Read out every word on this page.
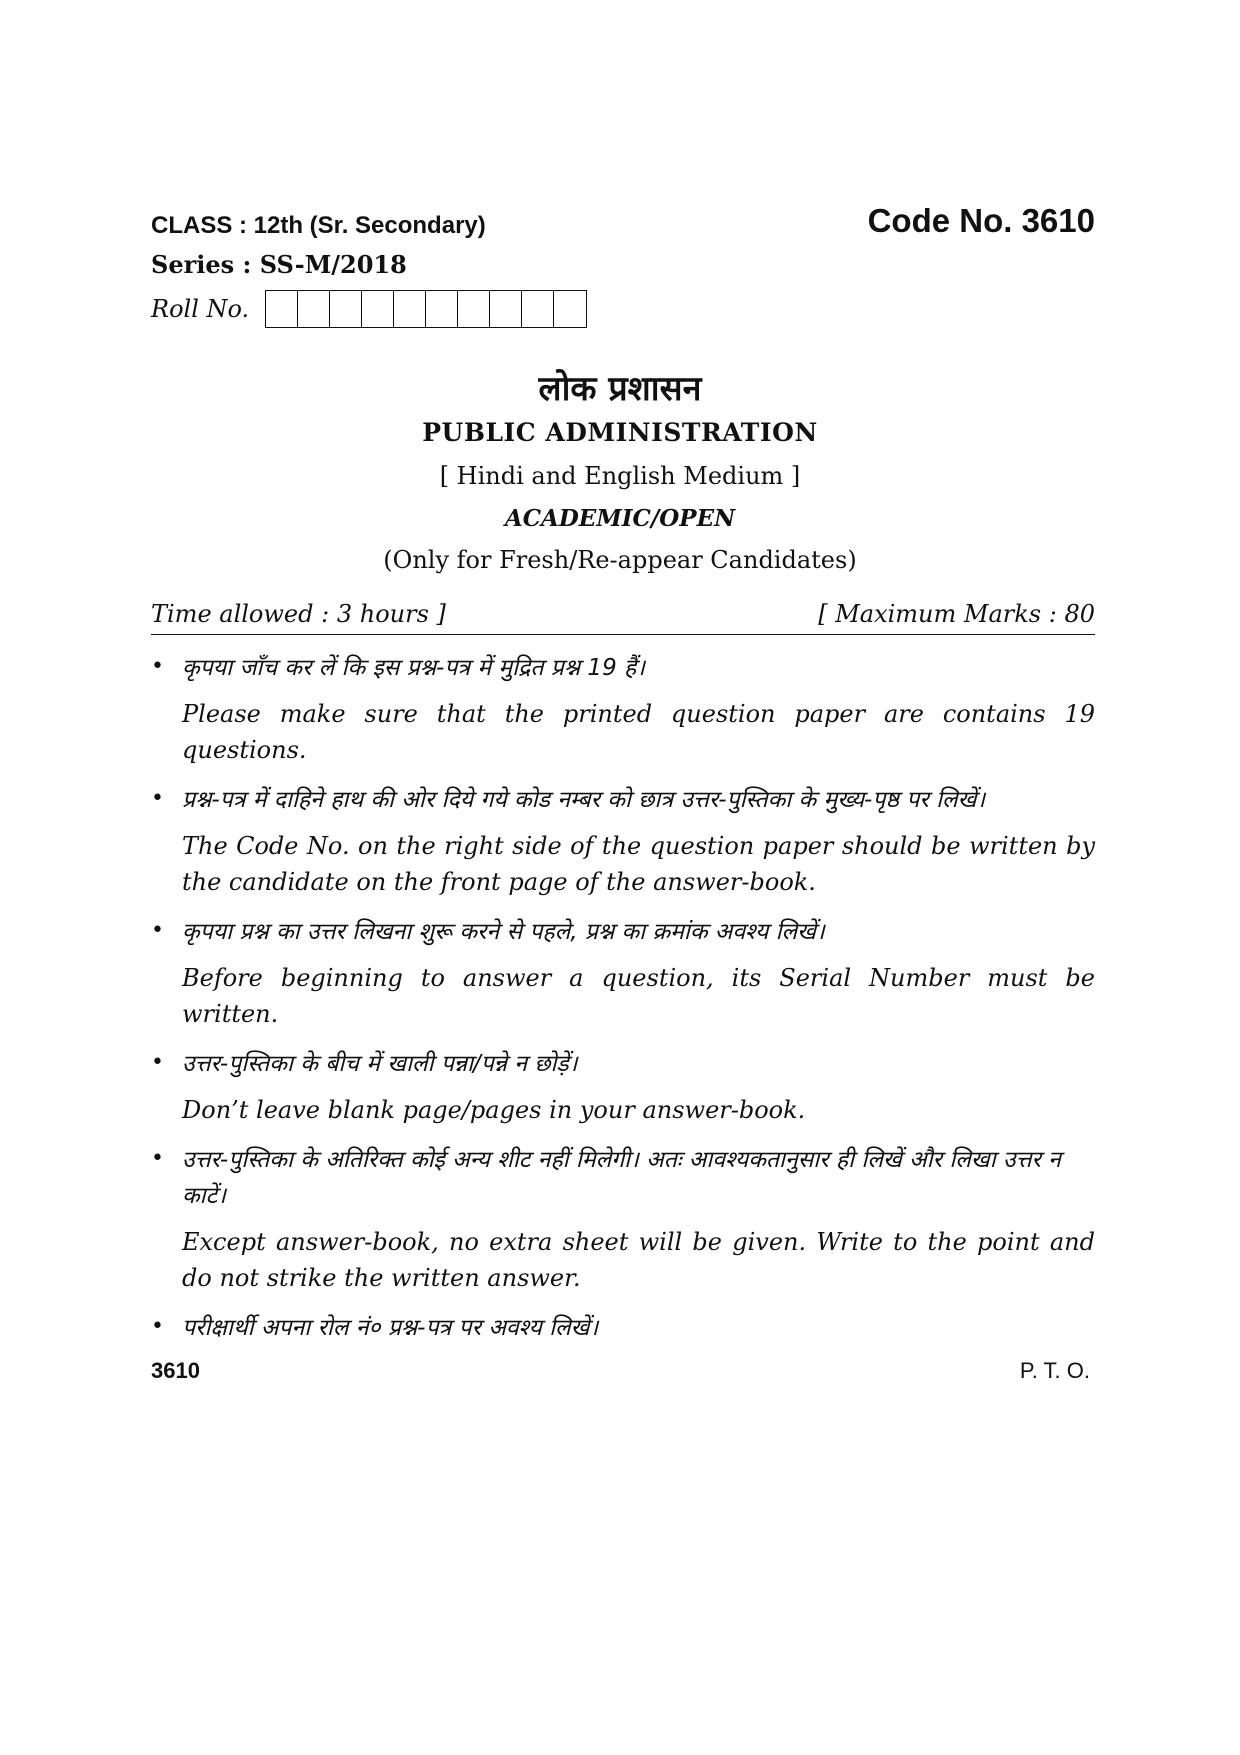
CLASS : 12th (Sr. Secondary)	Code No. 3610
Series : SS-M/2018
Roll No.
लोक प्रशासन
PUBLIC ADMINISTRATION
[ Hindi and English Medium ]
ACADEMIC/OPEN
(Only for Fresh/Re-appear Candidates)
Time allowed : 3 hours ]	[ Maximum Marks : 80
• कृपया जाँच कर लें कि इस प्रश्न-पत्र में मुद्रित प्रश्न 19 हैं।

Please make sure that the printed question paper are contains 19 questions.

• प्रश्न-पत्र में दाहिने हाथ की ओर दिये गये कोड नम्बर को छात्र उत्तर-पुस्तिका के मुख्य-पृष्ठ पर लिखें।

The Code No. on the right side of the question paper should be written by the candidate on the front page of the answer-book.

• कृपया प्रश्न का उत्तर लिखना शुरू करने से पहले, प्रश्न का क्रमांक अवश्य लिखें।

Before beginning to answer a question, its Serial Number must be written.

• उत्तर-पुस्तिका के बीच में खाली पन्ना/पन्ने न छोड़ें।

Don’t leave blank page/pages in your answer-book.

• उत्तर-पुस्तिका के अतिरिक्त कोई अन्य शीट नहीं मिलेगी। अतः आवश्यकतानुसार ही लिखें और लिखा उत्तर न काटें।

Except answer-book, no extra sheet will be given. Write to the point and do not strike the written answer.

• परीक्षार्थी अपना रोल नं० प्रश्न-पत्र पर अवश्य लिखें।

3610	P. T. O.
